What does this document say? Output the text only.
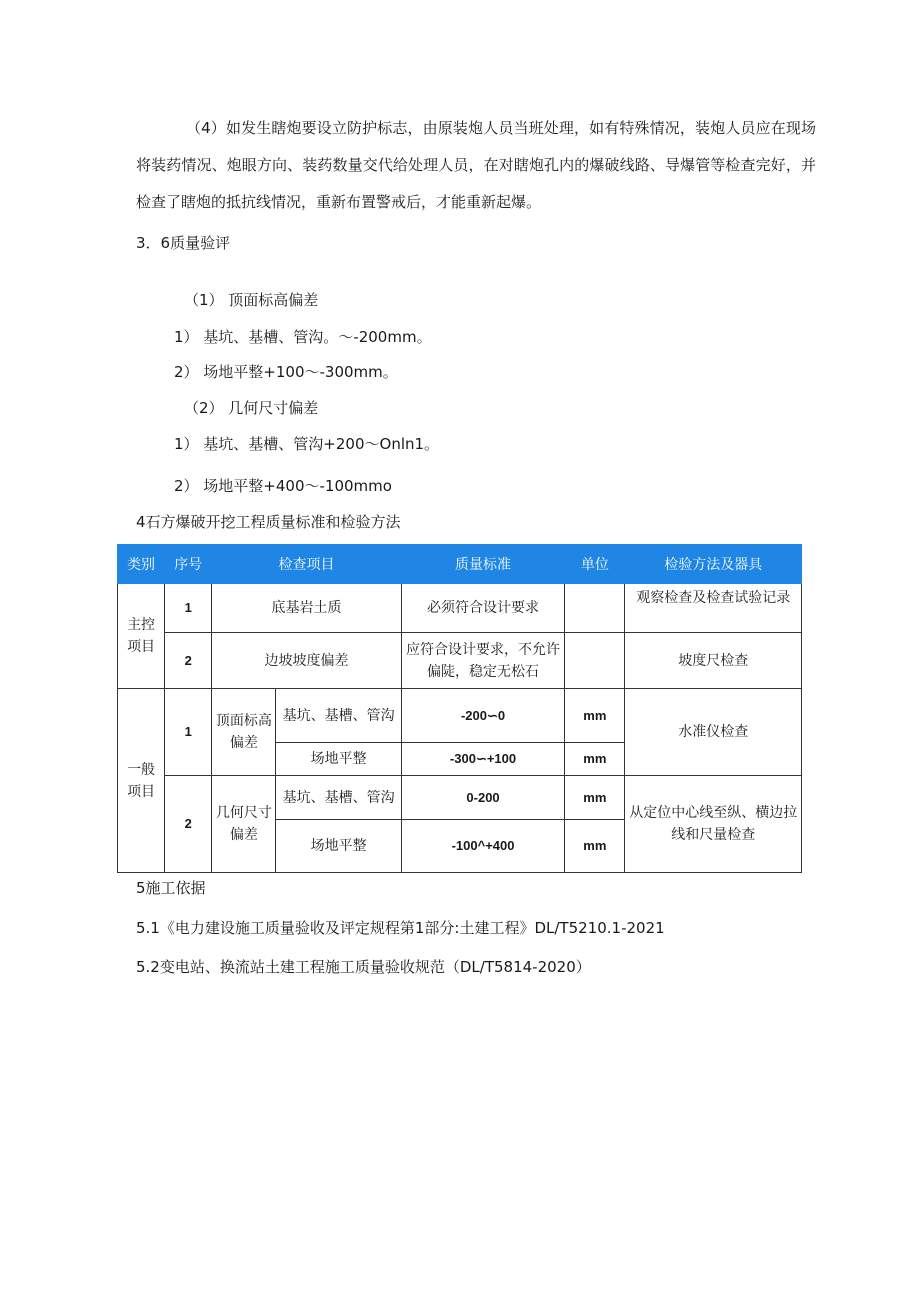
（4）如发生瞎炮要设立防护标志，由原装炮人员当班处理，如有特殊情况，装炮人员应在现场将装药情况、炮眼方向、装药数量交代给处理人员，在对瞎炮孔内的爆破线路、导爆管等检查完好，并检查了瞎炮的抵抗线情况，重新布置警戒后，才能重新起爆。
3．6质量验评
（1） 顶面标高偏差
1） 基坑、基槽、管沟。～-200mm。
2） 场地平整+100～-300mm。
（2） 几何尺寸偏差
1） 基坑、基槽、管沟+200～Onln1。
2） 场地平整+400～-100mmo
4石方爆破开挖工程质量标准和检验方法
类别	序号	检查项目		质量标准	单位	检验方法及器具
主控项目	1	底基岩土质		必须符合设计要求		观察检查及检查试验记录
	2	边坡坡度偏差		应符合设计要求，不允许偏陡，稳定无松石		坡度尺检查
一般项目	1	顶面标高偏差	基坑、基槽、管沟	-200∽0	mm	水准仪检查
			场地平整	-300∽+100	mm	
	2	几何尺寸偏差	基坑、基槽、管沟	0-200	mm	从定位中心线至纵、横边拉线和尺量检查
			场地平整	-100^+400	mm	
5施工依据
5.1《电力建设施工质量验收及评定规程第1部分:土建工程》DL/T5210.1-2021
5.2变电站、换流站土建工程施工质量验收规范（DL/T5814-2020）
